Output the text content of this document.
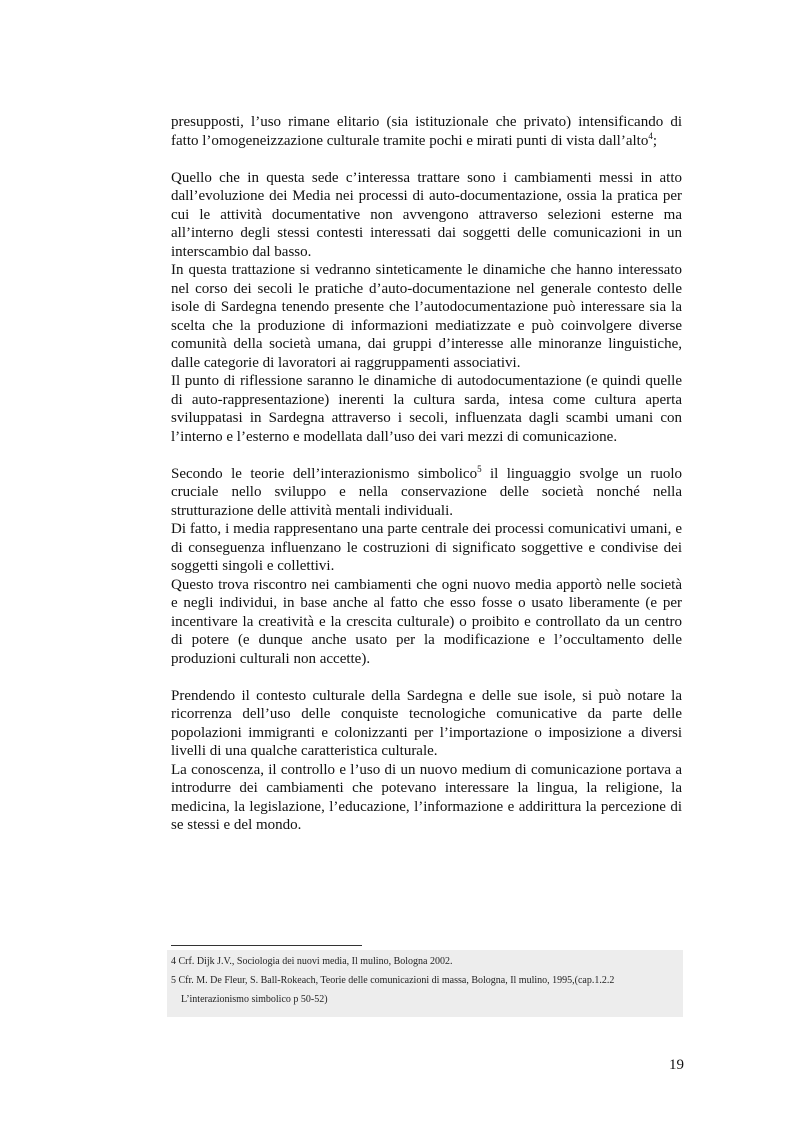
presupposti, l’uso rimane elitario (sia istituzionale che privato) intensificando di fatto l’omogeneizzazione culturale tramite pochi e mirati punti di vista dall’alto$^4$;

Quello che in questa sede c’interessa trattare sono i cambiamenti messi in atto dall’evoluzione dei Media nei processi di auto-documentazione, ossia la pratica per cui le attività documentative non avvengono attraverso selezioni esterne ma all’interno degli stessi contesti interessati dai soggetti delle comunicazioni in un interscambio dal basso.

In questa trattazione si vedranno sinteticamente le dinamiche che hanno interessato nel corso dei secoli le pratiche d’auto-documentazione nel generale contesto delle isole di Sardegna tenendo presente che l’autodocumentazione può interessare sia la scelta che la produzione di informazioni mediatizzate e può coinvolgere diverse comunità della società umana, dai gruppi d’interesse alle minoranze linguistiche, dalle categorie di lavoratori ai raggruppamenti associativi.

Il punto di riflessione saranno le dinamiche di autodocumentazione (e quindi quelle di auto-rappresentazione) inerenti la cultura sarda, intesa come cultura aperta sviluppatasi in Sardegna attraverso i secoli, influenzata dagli scambi umani con l’interno e l’esterno e modellata dall’uso dei vari mezzi di comunicazione.

Secondo le teorie dell’interazionismo simbolico$^5$ il linguaggio svolge un ruolo cruciale nello sviluppo e nella conservazione delle società nonché nella strutturazione delle attività mentali individuali.

Di fatto, i media rappresentano una parte centrale dei processi comunicativi umani, e di conseguenza influenzano le costruzioni di significato soggettive e condivise dei soggetti singoli e collettivi.

Questo trova riscontro nei cambiamenti che ogni nuovo media apportò nelle società e negli individui, in base anche al fatto che esso fosse o usato liberamente (e per incentivare la creatività e la crescita culturale) o proibito e controllato da un centro di potere (e dunque anche usato per la modificazione e l’occultamento delle produzioni culturali non accette).

Prendendo il contesto culturale della Sardegna e delle sue isole, si può notare la ricorrenza dell’uso delle conquiste tecnologiche comunicative da parte delle popolazioni immigranti e colonizzanti per l’importazione o imposizione a diversi livelli di una qualche caratteristica culturale.

La conoscenza, il controllo e l’uso di un nuovo medium di comunicazione portava a introdurre dei cambiamenti che potevano interessare la lingua, la religione, la medicina, la legislazione, l’educazione, l’informazione e addirittura la percezione di se stessi e del mondo.

4 Crf. Dijk J.V., Sociologia dei nuovi media, Il mulino, Bologna 2002.

5 Cfr. M. De Fleur, S. Ball-Rokeach, Teorie delle comunicazioni di massa, Bologna, Il mulino, 1995,(cap.1.2.2

L’interazionismo simbolico p 50-52)

19
